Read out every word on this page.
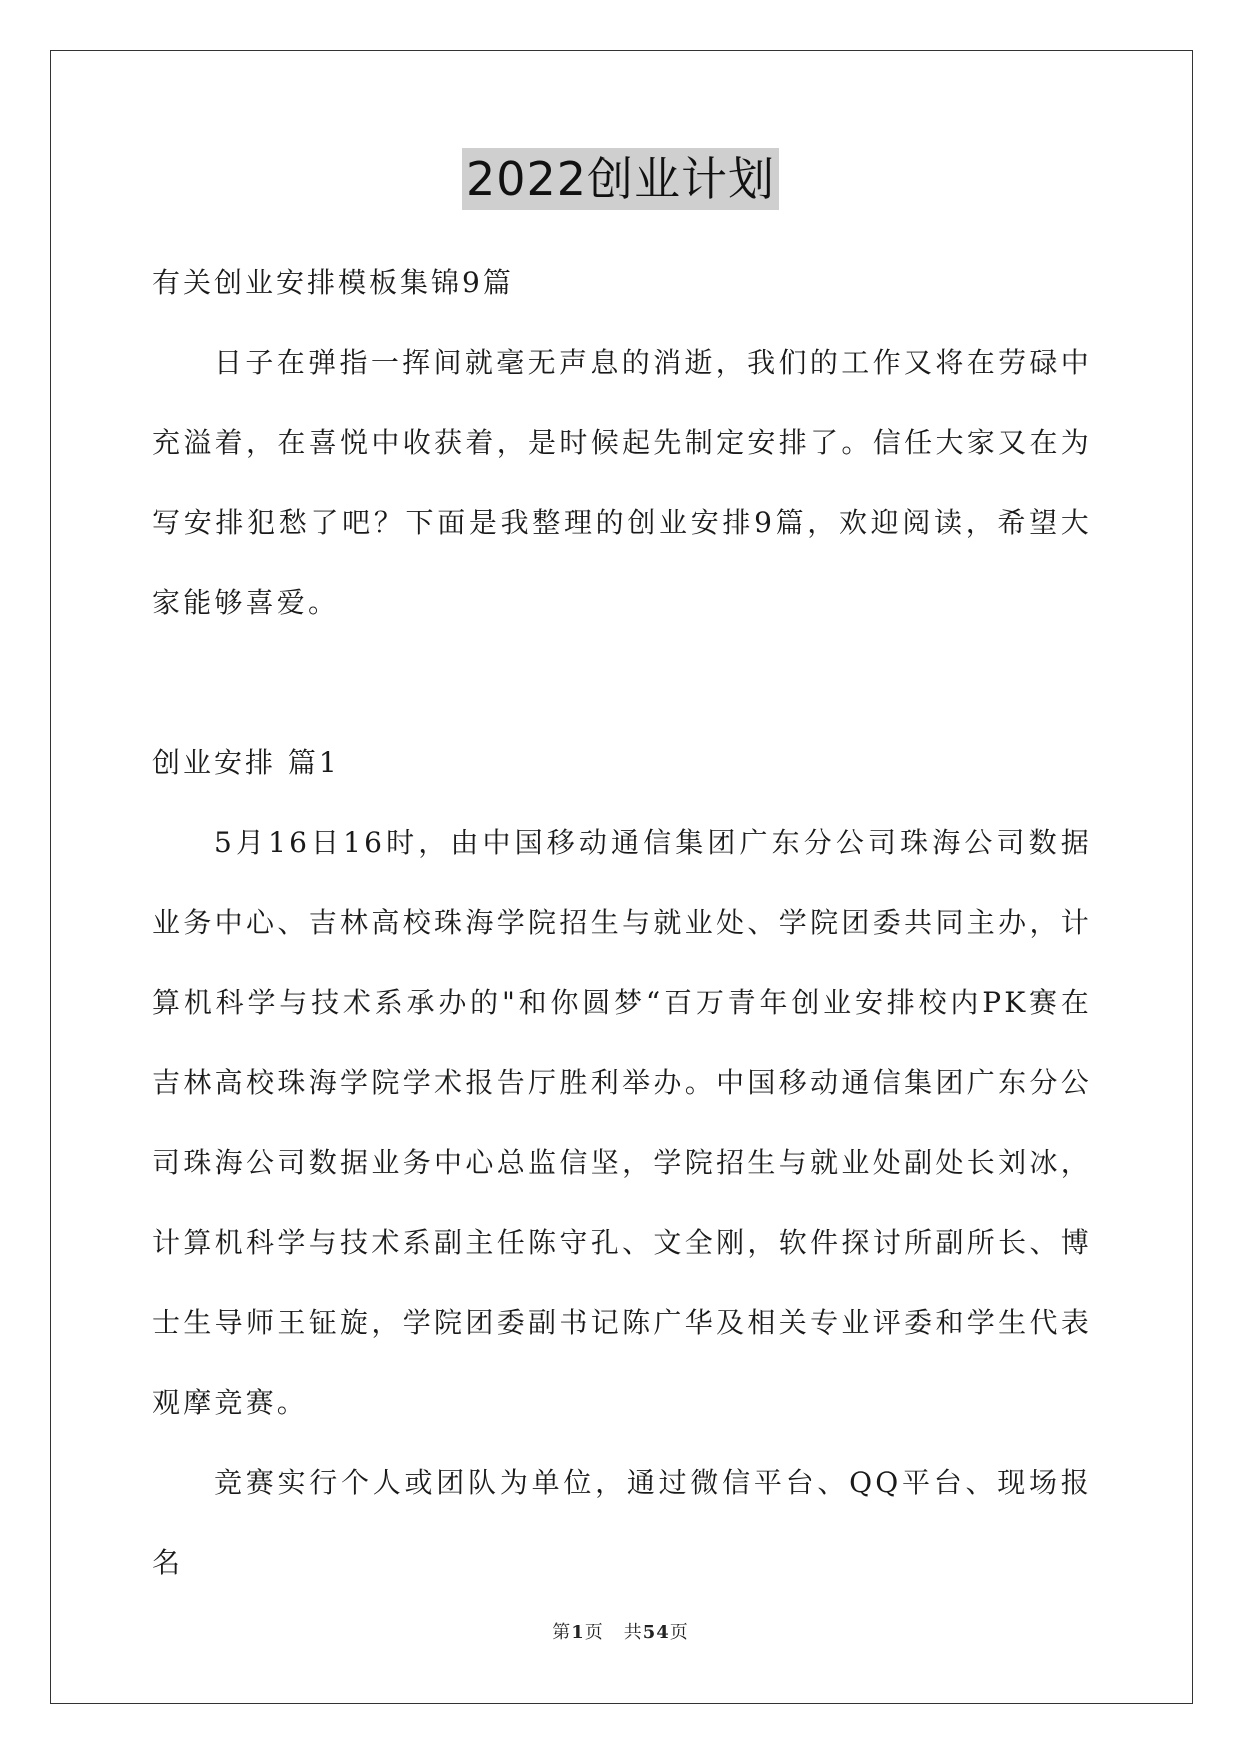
2022创业计划
有关创业安排模板集锦9篇

日子在弹指一挥间就毫无声息的消逝，我们的工作又将在劳碌中充溢着，在喜悦中收获着，是时候起先制定安排了。信任大家又在为写安排犯愁了吧？下面是我整理的创业安排9篇，欢迎阅读，希望大家能够喜爱。

创业安排 篇1

5月16日16时，由中国移动通信集团广东分公司珠海公司数据业务中心、吉林高校珠海学院招生与就业处、学院团委共同主办，计算机科学与技术系承办的"和你圆梦“百万青年创业安排校内PK赛在吉林高校珠海学院学术报告厅胜利举办。中国移动通信集团广东分公司珠海公司数据业务中心总监信坚，学院招生与就业处副处长刘冰，计算机科学与技术系副主任陈守孔、文全刚，软件探讨所副所长、博士生导师王钲旋，学院团委副书记陈广华及相关专业评委和学生代表观摩竞赛。

竞赛实行个人或团队为单位，通过微信平台、QQ平台、现场报名

第1页 共54页
